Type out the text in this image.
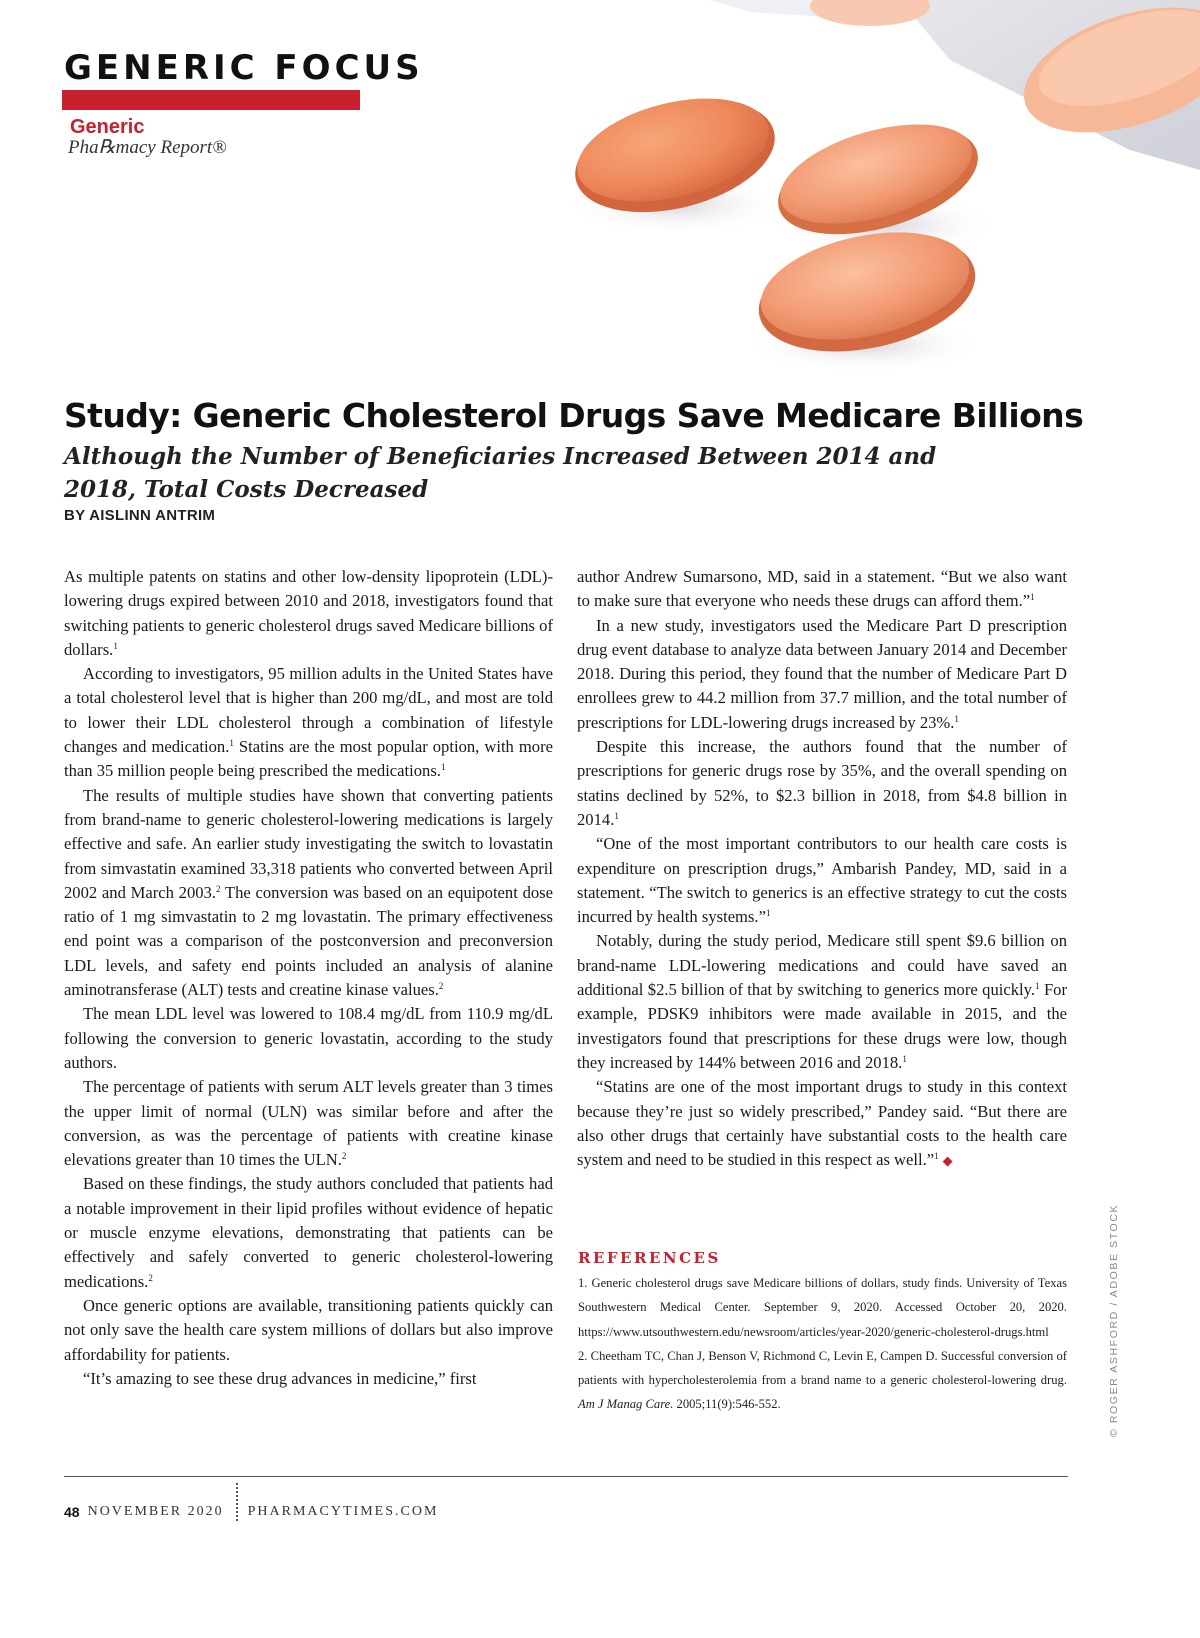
GENERIC FOCUS
Generic
Pha℞macy Report®
Study: Generic Cholesterol Drugs Save Medicare Billions
Although the Number of Beneficiaries Increased Between 2014 and 2018, Total Costs Decreased
BY AISLINN ANTRIM

As multiple patents on statins and other low-density lipoprotein (LDL)-lowering drugs expired between 2010 and 2018, investigators found that switching patients to generic cholesterol drugs saved Medicare billions of dollars.$^1$

According to investigators, 95 million adults in the United States have a total cholesterol level that is higher than 200 mg/dL, and most are told to lower their LDL cholesterol through a combination of lifestyle changes and medication.$^1$ Statins are the most popular option, with more than 35 million people being prescribed the medications.$^1$

The results of multiple studies have shown that converting patients from brand-name to generic cholesterol-lowering medications is largely effective and safe. An earlier study investigating the switch to lovastatin from simvastatin examined 33,318 patients who converted between April 2002 and March 2003.$^2$ The conversion was based on an equipotent dose ratio of 1 mg simvastatin to 2 mg lovastatin. The primary effectiveness end point was a comparison of the postconversion and preconversion LDL levels, and safety end points included an analysis of alanine aminotransferase (ALT) tests and creatine kinase values.$^2$

The mean LDL level was lowered to 108.4 mg/dL from 110.9 mg/dL following the conversion to generic lovastatin, according to the study authors.

The percentage of patients with serum ALT levels greater than 3 times the upper limit of normal (ULN) was similar before and after the conversion, as was the percentage of patients with creatine kinase elevations greater than 10 times the ULN.$^2$

Based on these findings, the study authors concluded that patients had a notable improvement in their lipid profiles without evidence of hepatic or muscle enzyme elevations, demonstrating that patients can be effectively and safely converted to generic cholesterol-lowering medications.$^2$

Once generic options are available, transitioning patients quickly can not only save the health care system millions of dollars but also improve affordability for patients.

“It’s amazing to see these drug advances in medicine,” first

author Andrew Sumarsono, MD, said in a statement. “But we also want to make sure that everyone who needs these drugs can afford them.”$^1$

In a new study, investigators used the Medicare Part D prescription drug event database to analyze data between January 2014 and December 2018. During this period, they found that the number of Medicare Part D enrollees grew to 44.2 million from 37.7 million, and the total number of prescriptions for LDL-lowering drugs increased by 23%.$^1$

Despite this increase, the authors found that the number of prescriptions for generic drugs rose by 35%, and the overall spending on statins declined by 52%, to $2.3 billion in 2018, from $4.8 billion in 2014.$^1$

“One of the most important contributors to our health care costs is expenditure on prescription drugs,” Ambarish Pandey, MD, said in a statement. “The switch to generics is an effective strategy to cut the costs incurred by health systems.”$^1$

Notably, during the study period, Medicare still spent $9.6 billion on brand-name LDL-lowering medications and could have saved an additional $2.5 billion of that by switching to generics more quickly.$^1$ For example, PDSK9 inhibitors were made available in 2015, and the investigators found that prescriptions for these drugs were low, though they increased by 144% between 2016 and 2018.$^1$

“Statins are one of the most important drugs to study in this context because they’re just so widely prescribed,” Pandey said. “But there are also other drugs that certainly have substantial costs to the health care system and need to be studied in this respect as well.”$^1$ ◆

REFERENCES

1. Generic cholesterol drugs save Medicare billions of dollars, study finds. University of Texas Southwestern Medical Center. September 9, 2020. Accessed October 20, 2020. https://www.utsouthwestern.edu/newsroom/articles/year-2020/generic-cholesterol-drugs.html

2. Cheetham TC, Chan J, Benson V, Richmond C, Levin E, Campen D. Successful conversion of patients with hypercholesterolemia from a brand name to a generic cholesterol-lowering drug. Am J Manag Care. 2005;11(9):546-552.	© ROGER ASHFORD / ADOBE STOCK
48 NOVEMBER 2020 PHARMACYTIMES.COM
